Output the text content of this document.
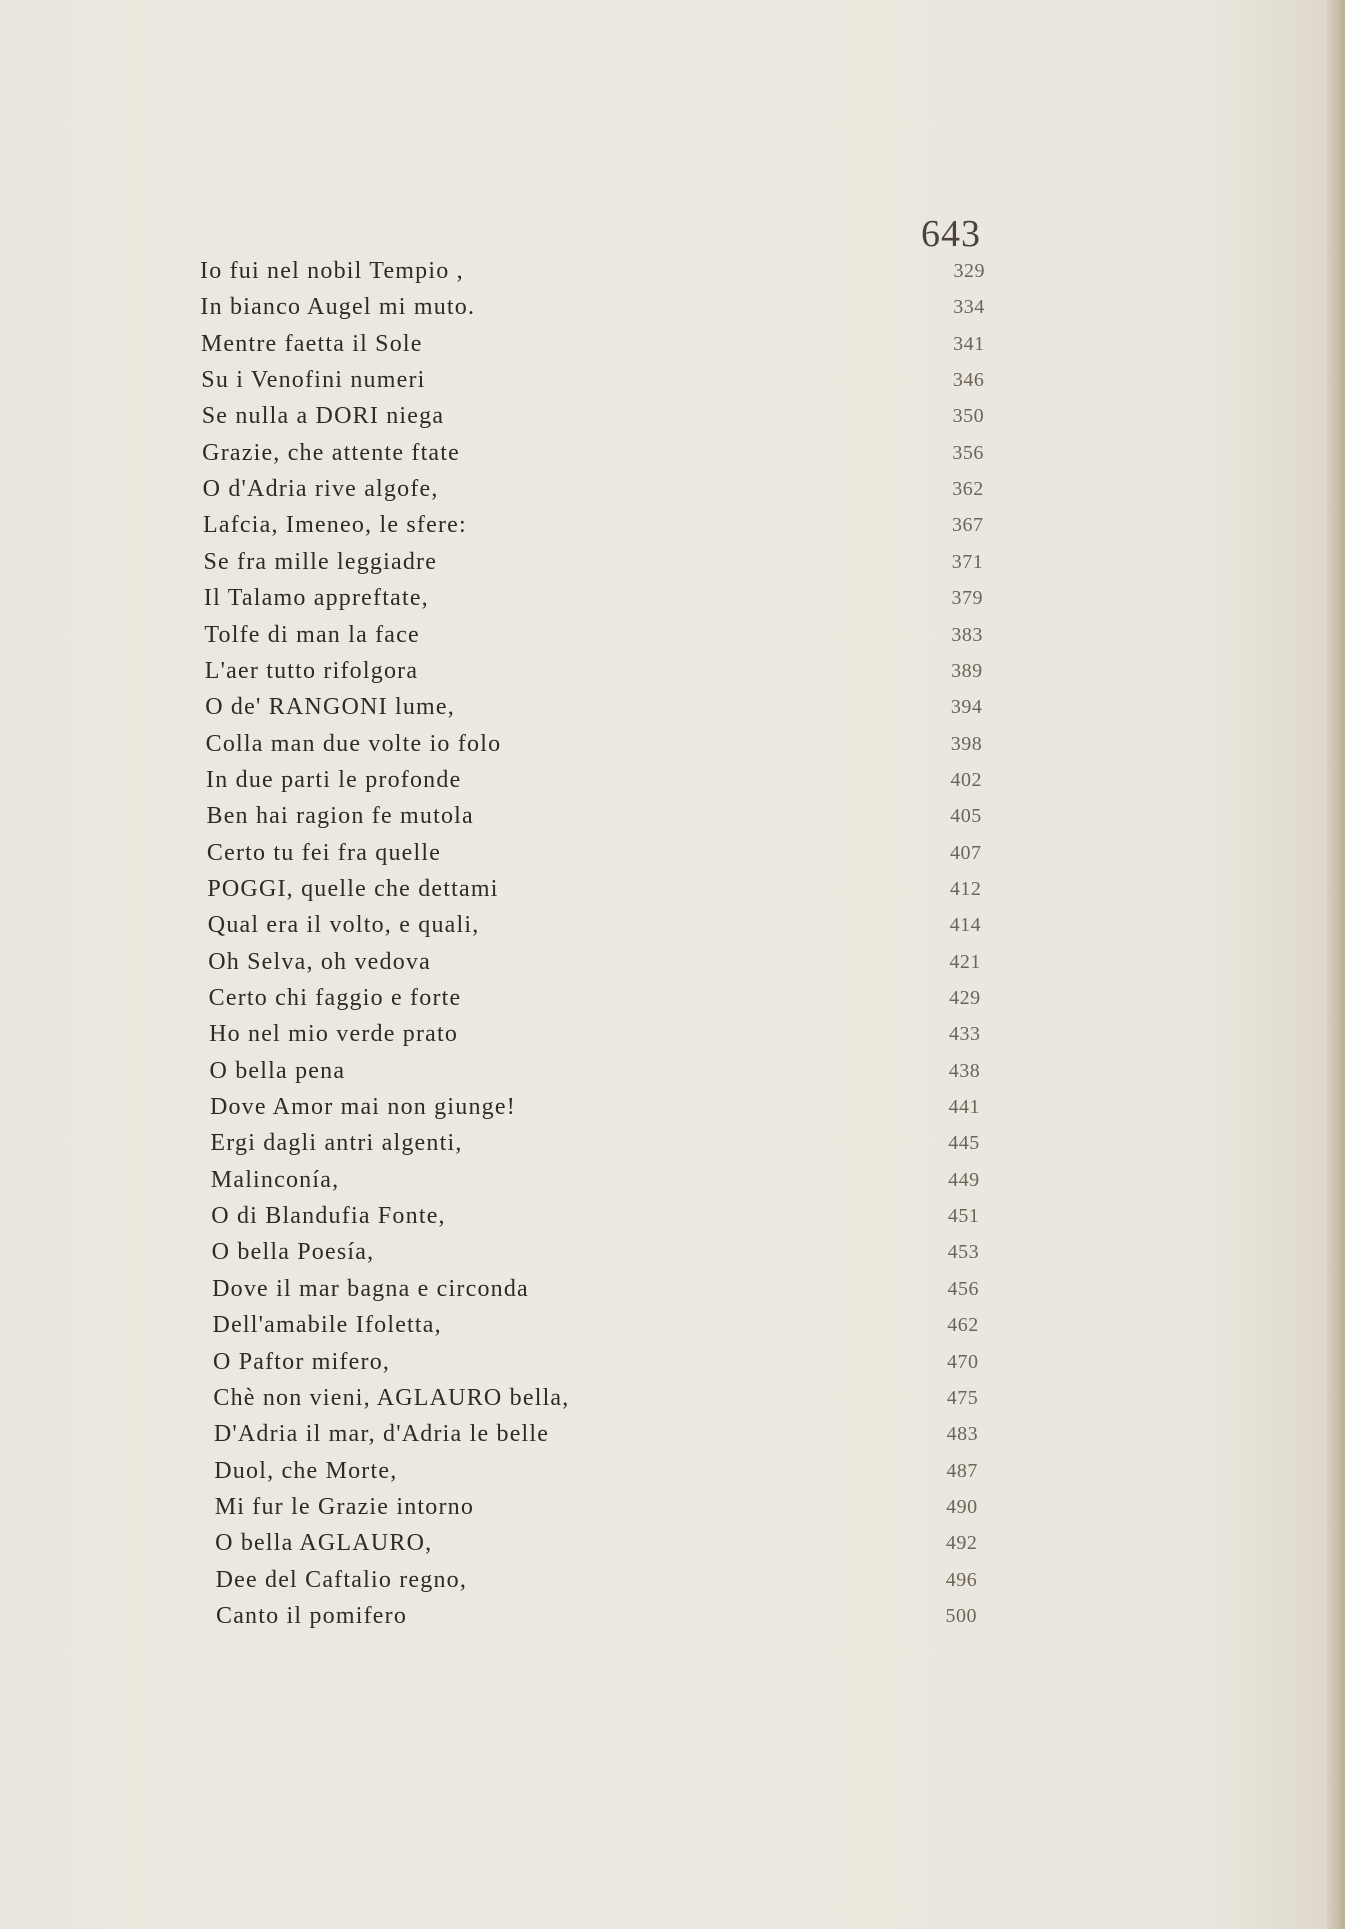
643
Io fui nel nobil Tempio ,	329
In bianco Augel mi muto.	334
Mentre faetta il Sole	341
Su i Venofini numeri	346
Se nulla a DORI niega	350
Grazie, che attente ftate	356
O d'Adria rive algofe,	362
Lafcia, Imeneo, le sfere:	367
Se fra mille leggiadre	371
Il Talamo appreftate,	379
Tolfe di man la face	383
L'aer tutto rifolgora	389
O de' RANGONI lume,	394
Colla man due volte io folo	398
In due parti le profonde	402
Ben hai ragion fe mutola	405
Certo tu fei fra quelle	407
POGGI, quelle che dettami	412
Qual era il volto, e quali,	414
Oh Selva, oh vedova	421
Certo chi faggio e forte	429
Ho nel mio verde prato	433
O bella pena	438
Dove Amor mai non giunge!	441
Ergi dagli antri algenti,	445
Malinconía,	449
O di Blandufia Fonte,	451
O bella Poesía,	453
Dove il mar bagna e circonda	456
Dell'amabile Ifoletta,	462
O Paftor mifero,	470
Chè non vieni, AGLAURO bella,	475
D'Adria il mar, d'Adria le belle	483
Duol, che Morte,	487
Mi fur le Grazie intorno	490
O bella AGLAURO,	492
Dee del Caftalio regno,	496
Canto il pomifero	500
